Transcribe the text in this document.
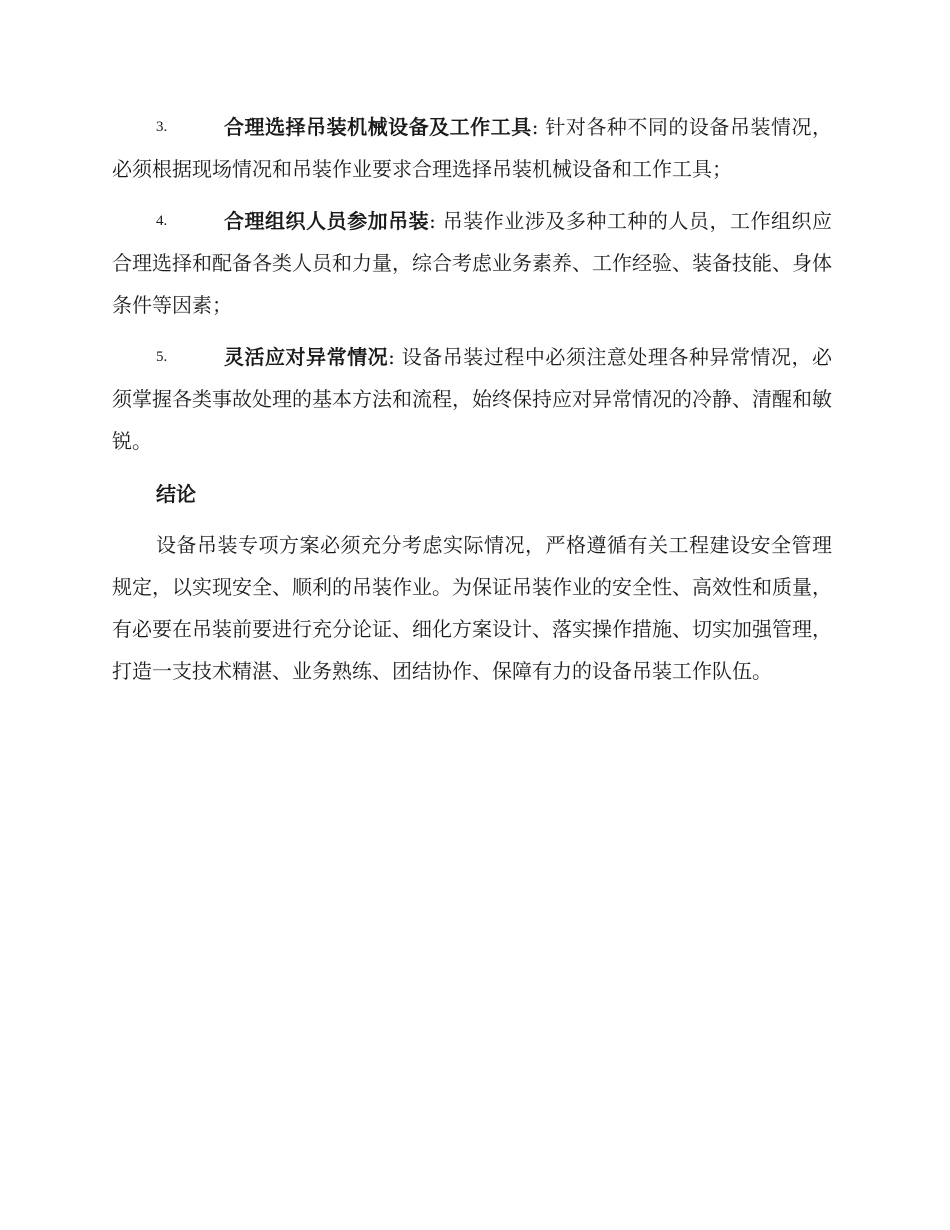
3.	合理选择吊装机械设备及工作工具: 针对各种不同的设备吊装情况，必须根据现场情况和吊装作业要求合理选择吊装机械设备和工作工具；

4.	合理组织人员参加吊装: 吊装作业涉及多种工种的人员，工作组织应合理选择和配备各类人员和力量，综合考虑业务素养、工作经验、装备技能、身体条件等因素；

5.	灵活应对异常情况: 设备吊装过程中必须注意处理各种异常情况，必须掌握各类事故处理的基本方法和流程，始终保持应对异常情况的冷静、清醒和敏锐。

结论

设备吊装专项方案必须充分考虑实际情况，严格遵循有关工程建设安全管理规定，以实现安全、顺利的吊装作业。为保证吊装作业的安全性、高效性和质量，有必要在吊装前要进行充分论证、细化方案设计、落实操作措施、切实加强管理，打造一支技术精湛、业务熟练、团结协作、保障有力的设备吊装工作队伍。
